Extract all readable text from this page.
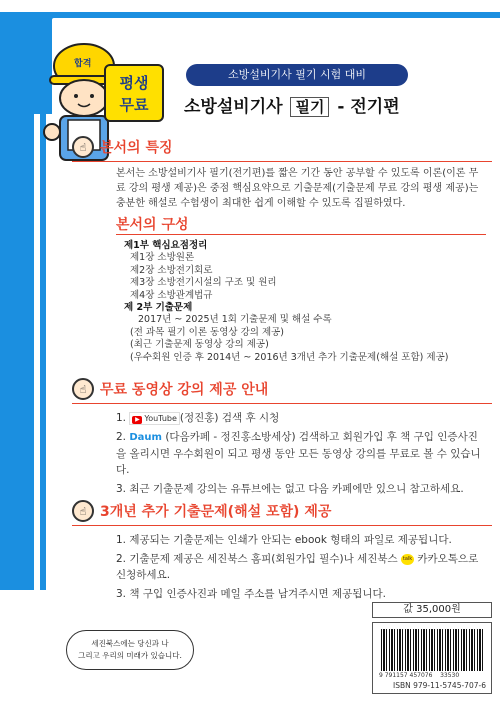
합격
평생
무료
소방설비기사 필기 시험 대비
소방설비기사 필기 - 전기편
☝ 본서의 특징

본서는 소방설비기사 필기(전기편)를 짧은 기간 동안 공부할 수 있도록 이론(이론 무료 강의 평생 제공)은 중점 핵심요약으로 기출문제(기출문제 무료 강의 평생 제공)는 충분한 해설로 수험생이 최대한 쉽게 이해할 수 있도록 집필하였다.

본서의 구성
제1부 핵심요점정리
제1장 소방원론
제2장 소방전기회로
제3장 소방전기시설의 구조 및 원리
제4장 소방관계법규
제 2부 기출문제
2017년 ~ 2025년 1회 기출문제 및 해설 수록
(전 과목 필기 이론 동영상 강의 제공)
(최근 기출문제 동영상 강의 제공)
(우수회원 인증 후 2014년 ~ 2016년 3개년 추가 기출문제(해설 포함) 제공)
☝ 무료 동영상 강의 제공 안내
1. ▶ YouTube (정진홍) 검색 후 시청
2. Daum (다음카페 - 정진홍소방세상) 검색하고 회원가입 후 책 구입 인증사진을 올리시면 우수회원이 되고 평생 동안 모든 동영상 강의를 무료로 볼 수 있습니다.
3. 최근 기출문제 강의는 유튜브에는 없고 다음 카페에만 있으니 참고하세요.
☝ 3개년 추가 기출문제(해설 포함) 제공
1. 제공되는 기출문제는 인쇄가 안되는 ebook 형태의 파일로 제공됩니다.
2. 기출문제 제공은 세진북스 홈피(회원가입 필수)나 세진북스 talk 카카오톡으로 신청하세요.
3. 책 구입 인증사진과 메일 주소를 남겨주시면 제공됩니다.
세진북스에는 당신과 나
그리고 우리의 미래가 있습니다.
값 35,000원
9 791157 457076 33530
ISBN 979-11-5745-707-6
